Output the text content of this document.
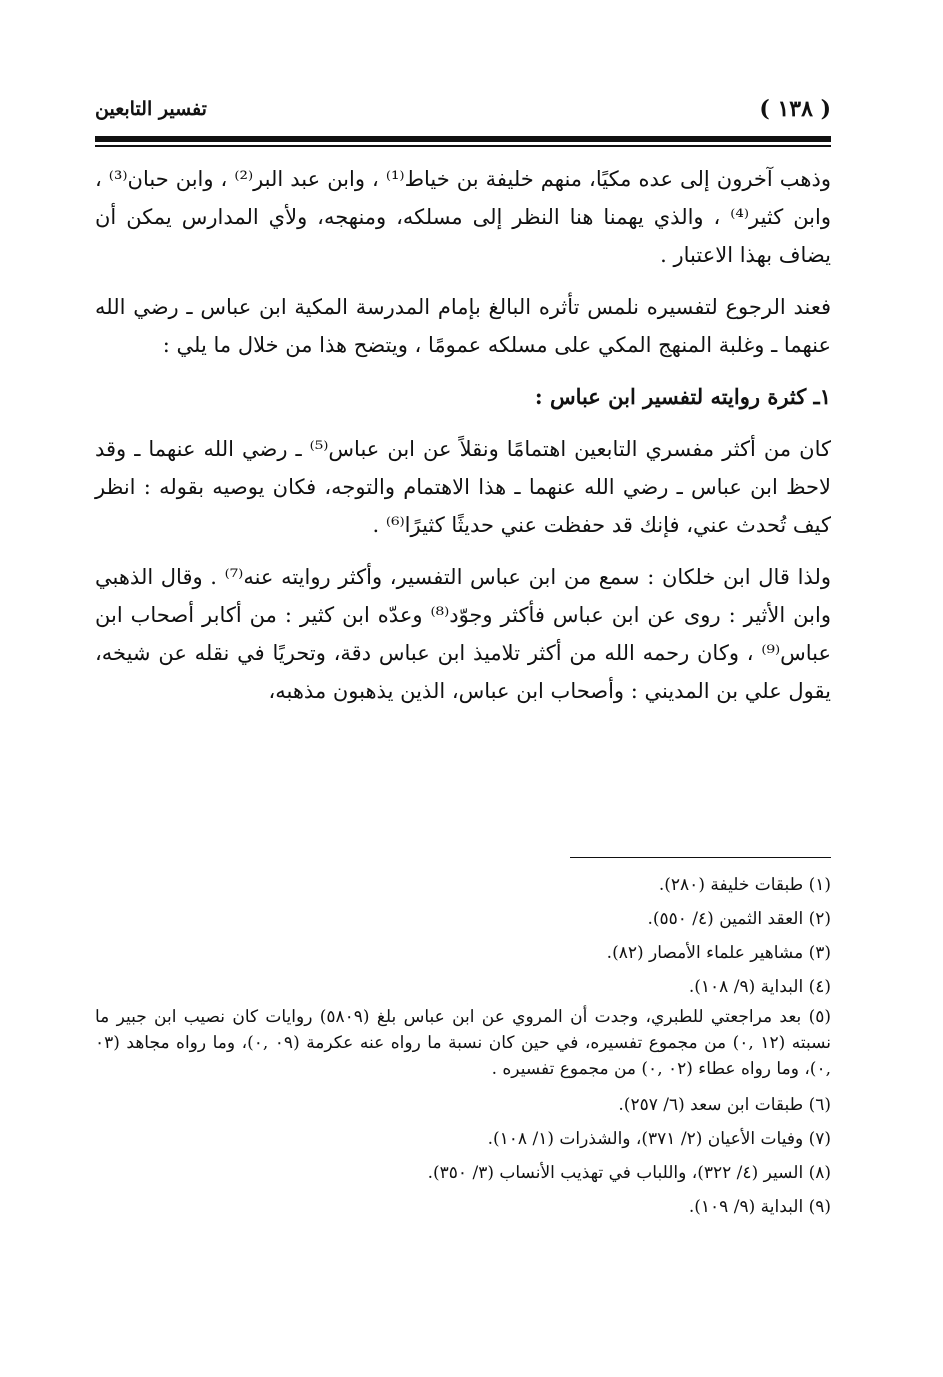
( ١٣٨ )
تفسير التابعين

وذهب آخرون إلى عده مكيًا، منهم خليفة بن خياط⁽¹⁾ ، وابن عبد البر⁽²⁾ ، وابن حبان⁽³⁾ ، وابن كثير⁽⁴⁾ ، والذي يهمنا هنا النظر إلى مسلكه، ومنهجه، ولأي المدارس يمكن أن يضاف بهذا الاعتبار .

فعند الرجوع لتفسيره نلمس تأثره البالغ بإمام المدرسة المكية ابن عباس ـ رضي الله عنهما ـ وغلبة المنهج المكي على مسلكه عمومًا ، ويتضح هذا من خلال ما يلي :

١ـ كثرة روايته لتفسير ابن عباس :

كان من أكثر مفسري التابعين اهتمامًا ونقلاً عن ابن عباس⁽⁵⁾ ـ رضي الله عنهما ـ وقد لاحظ ابن عباس ـ رضي الله عنهما ـ هذا الاهتمام والتوجه، فكان يوصيه بقوله : انظر كيف تُحدث عني، فإنك قد حفظت عني حديثًا كثيرًا⁽⁶⁾ .

ولذا قال ابن خلكان : سمع من ابن عباس التفسير، وأكثر روايته عنه⁽⁷⁾ . وقال الذهبي وابن الأثير : روى عن ابن عباس فأكثر وجوّد⁽⁸⁾ وعدّه ابن كثير : من أكابر أصحاب ابن عباس⁽⁹⁾ ، وكان رحمه الله من أكثر تلاميذ ابن عباس دقة، وتحريًا في نقله عن شيخه، يقول علي بن المديني : وأصحاب ابن عباس، الذين يذهبون مذهبه،

(١) طبقات خليفة (٢٨٠).
(٢) العقد الثمين (٤/ ٥٥٠).
(٣) مشاهير علماء الأمصار (٨٢).
(٤) البداية (٩/ ١٠٨).
(٥) بعد مراجعتي للطبري، وجدت أن المروي عن ابن عباس بلغ (٥٨٠٩) روايات كان نصيب ابن جبير ما نسبته (١٢ ,٠) من مجموع تفسيره، في حين كان نسبة ما رواه عنه عكرمة (٠٩ ,٠)، وما رواه مجاهد (٠٣ ,٠)، وما رواه عطاء (٠٢ ,٠) من مجموع تفسيره .
(٦) طبقات ابن سعد (٦/ ٢٥٧).
(٧) وفيات الأعيان (٢/ ٣٧١)، والشذرات (١/ ١٠٨).
(٨) السير (٤/ ٣٢٢)، واللباب في تهذيب الأنساب (٣/ ٣٥٠).
(٩) البداية (٩/ ١٠٩).
